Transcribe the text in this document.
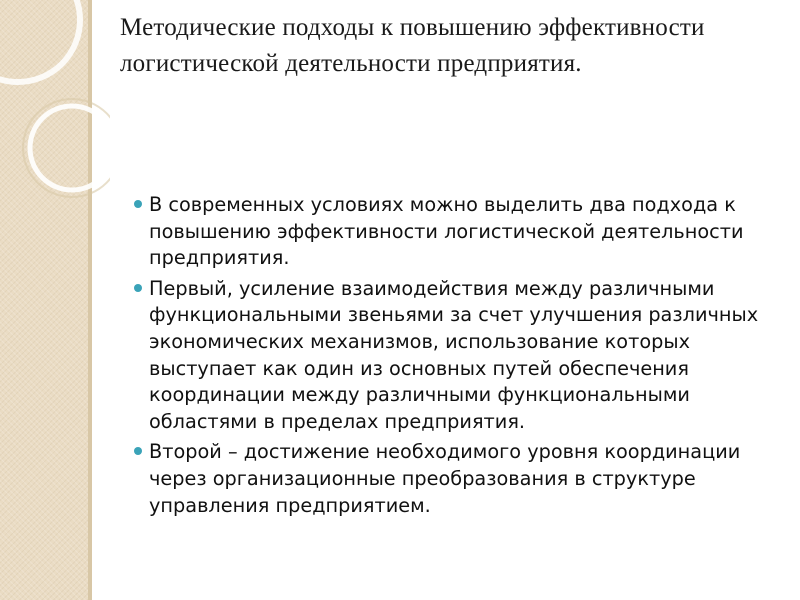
Методические подходы к повышению эффективности логистической деятельности предприятия.
В современных условиях можно выделить два подхода к повышению эффективности логистической деятельности предприятия.
Первый, усиление взаимодействия между различными функциональными звеньями за счет улучшения различных экономических механизмов, использование которых выступает как один из основных путей обеспечения координации между различными функциональными областями в пределах предприятия.
Второй – достижение необходимого уровня координации через организационные преобразования в структуре управления предприятием.
